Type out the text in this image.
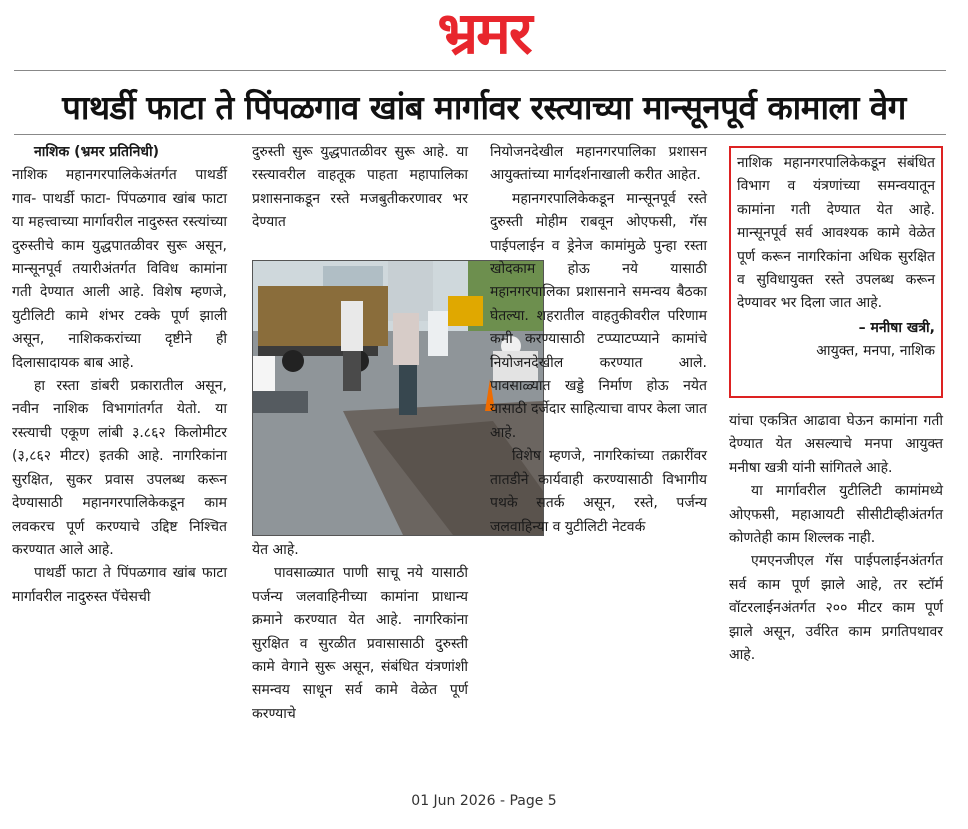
भ्रमर
पाथर्डी फाटा ते पिंपळगाव खांब मार्गावर रस्त्याच्या मान्सूनपूर्व कामाला वेग

नाशिक (भ्रमर प्रतिनिधी)

नाशिक महानगरपालिकेअंतर्गत पाथर्डी गाव- पाथर्डी फाटा- पिंपळगाव खांब फाटा या महत्त्वाच्या मार्गावरील नादुरुस्त रस्त्यांच्या दुरुस्तीचे काम युद्धपातळीवर सुरू असून, मान्सूनपूर्व तयारीअंतर्गत विविध कामांना गती देण्यात आली आहे. विशेष म्हणजे, युटीलिटी कामे शंभर टक्के पूर्ण झाली असून, नाशिककरांच्या दृष्टीने ही दिलासादायक बाब आहे.

हा रस्ता डांबरी प्रकारातील असून, नवीन नाशिक विभागांतर्गत येतो. या रस्त्याची एकूण लांबी ३.८६२ किलोमीटर (३,८६२ मीटर) इतकी आहे. नागरिकांना सुरक्षित, सुकर प्रवास उपलब्ध करून देण्यासाठी महानगरपालिकेकडून काम लवकरच पूर्ण करण्याचे उद्दिष्ट निश्चित करण्यात आले आहे.

पाथर्डी फाटा ते पिंपळगाव खांब फाटा मार्गावरील नादुरुस्त पॅचेसची

दुरुस्ती सुरू युद्धपातळीवर सुरू आहे. या रस्त्यावरील वाहतूक पाहता महापालिका प्रशासनाकडून रस्ते मजबुतीकरणावर भर देण्यात

येत आहे.

पावसाळ्यात पाणी साचू नये यासाठी पर्जन्य जलवाहिनीच्या कामांना प्राधान्य क्रमाने करण्यात येत आहे. नागरिकांना सुरक्षित व सुरळीत प्रवासासाठी दुरुस्ती कामे वेगाने सुरू असून, संबंधित यंत्रणांशी समन्वय साधून सर्व कामे वेळेत पूर्ण करण्याचे

नियोजनदेखील महानगरपालिका प्रशासन आयुक्तांच्या मार्गदर्शनाखाली करीत आहेत.

महानगरपालिकेकडून मान्सूनपूर्व रस्ते दुरुस्ती मोहीम राबवून ओएफसी, गॅस पाईपलाईन व ड्रेनेज कामांमुळे पुन्हा रस्ता खोदकाम होऊ नये यासाठी महानगरपालिका प्रशासनाने समन्वय बैठका घेतल्या. शहरातील वाहतुकीवरील परिणाम कमी करण्यासाठी टप्प्याटप्प्याने कामांचे नियोजनदेखील करण्यात आले. पावसाळ्यात खड्डे निर्माण होऊ नयेत यासाठी दर्जेदार साहित्याचा वापर केला जात आहे.

विशेष म्हणजे, नागरिकांच्या तक्रारींवर तातडीने कार्यवाही करण्यासाठी विभागीय पथके सतर्क असून, रस्ते, पर्जन्य जलवाहिन्या व युटीलिटी नेटवर्क

नाशिक महानगरपालिकेकडून संबंधित विभाग व यंत्रणांच्या समन्वयातून कामांना गती देण्यात येत आहे. मान्सूनपूर्व सर्व आवश्यक कामे वेळेत पूर्ण करून नागरिकांना अधिक सुरक्षित व सुविधायुक्त रस्ते उपलब्ध करून देण्यावर भर दिला जात आहे.
– मनीषा खत्री,
आयुक्त, मनपा, नाशिक

यांचा एकत्रित आढावा घेऊन कामांना गती देण्यात येत असल्याचे मनपा आयुक्त मनीषा खत्री यांनी सांगितले आहे.

या मार्गावरील युटीलिटी कामांमध्ये ओएफसी, महाआयटी सीसीटीव्हीअंतर्गत कोणतेही काम शिल्लक नाही.

एमएनजीएल गॅस पाईपलाईनअंतर्गत सर्व काम पूर्ण झाले आहे, तर स्टॉर्म वॉटरलाईनअंतर्गत २०० मीटर काम पूर्ण झाले असून, उर्वरित काम प्रगतिपथावर आहे.

01 Jun 2026 - Page 5
